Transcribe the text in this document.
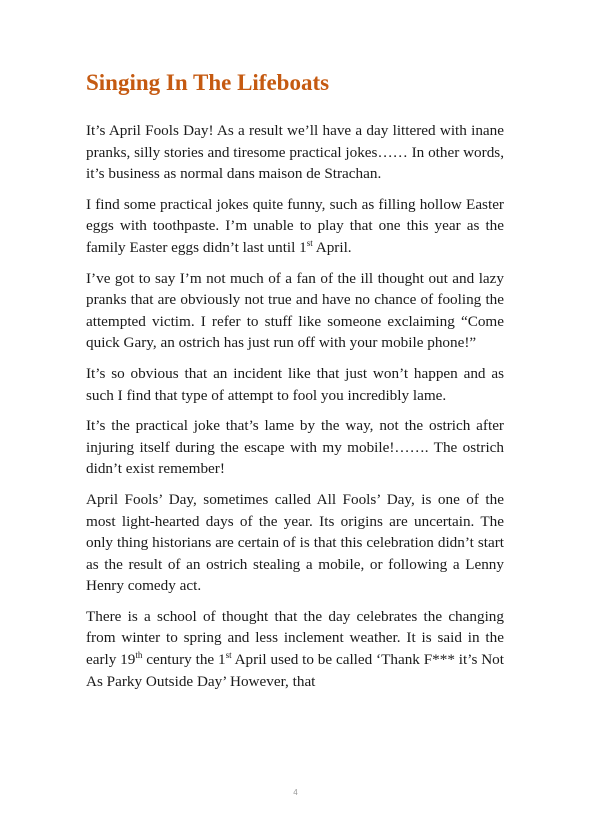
Singing In The Lifeboats

It’s April Fools Day! As a result we’ll have a day littered with inane pranks, silly stories and tiresome practical jokes…… In other words, it’s business as normal dans maison de Strachan.

I find some practical jokes quite funny, such as filling hollow Easter eggs with toothpaste. I’m unable to play that one this year as the family Easter eggs didn’t last until 1st April.

I’ve got to say I’m not much of a fan of the ill thought out and lazy pranks that are obviously not true and have no chance of fooling the attempted victim. I refer to stuff like someone exclaiming “Come quick Gary, an ostrich has just run off with your mobile phone!”

It’s so obvious that an incident like that just won’t happen and as such I find that type of attempt to fool you incredibly lame.

It’s the practical joke that’s lame by the way, not the ostrich after injuring itself during the escape with my mobile!……. The ostrich didn’t exist remember!

April Fools’ Day, sometimes called All Fools’ Day, is one of the most light-hearted days of the year. Its origins are uncertain. The only thing historians are certain of is that this celebration didn’t start as the result of an ostrich stealing a mobile, or following a Lenny Henry comedy act.

There is a school of thought that the day celebrates the changing from winter to spring and less inclement weather. It is said in the early 19th century the 1st April used to be called ‘Thank F*** it’s Not As Parky Outside Day’ However, that

4
